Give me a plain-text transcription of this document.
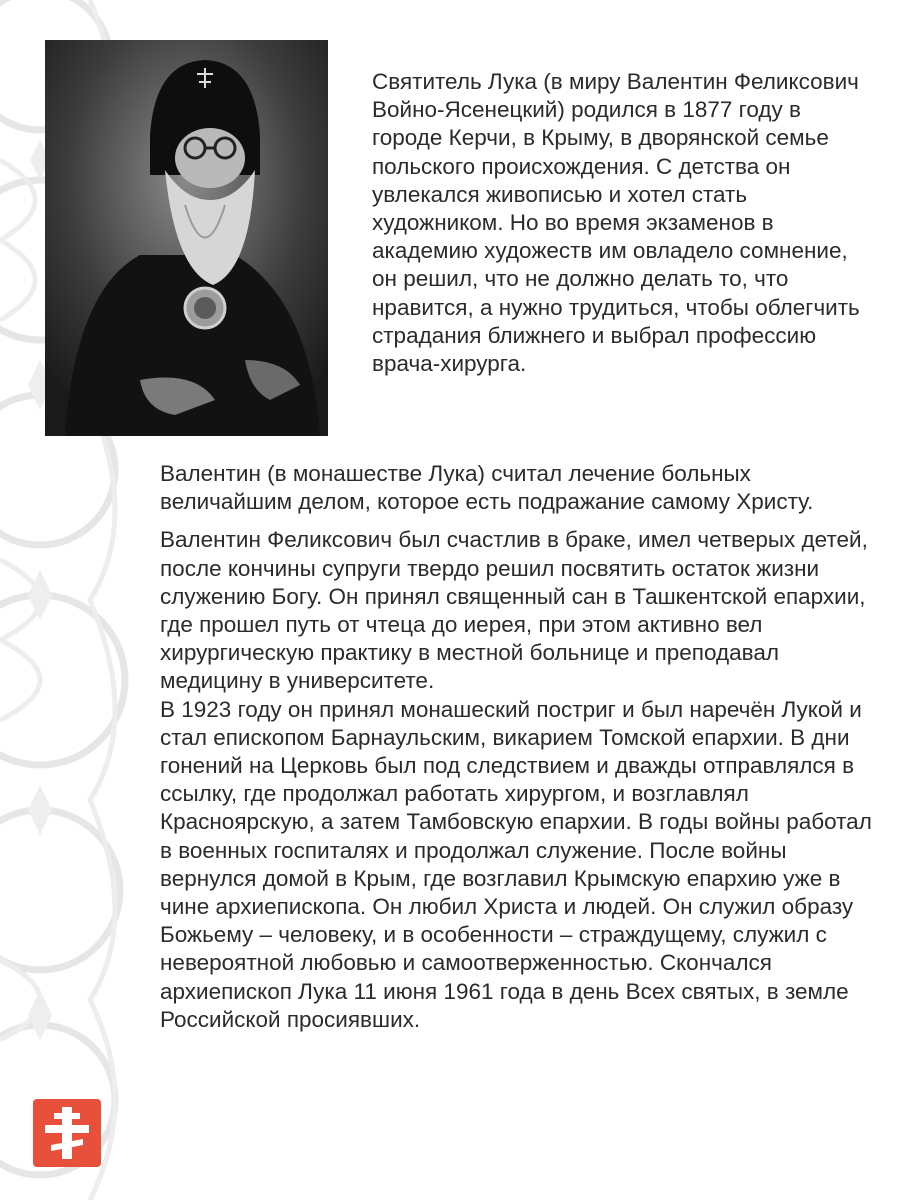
Святитель Лука (в миру Валентин Феликсович Войно-Ясенецкий) родился в 1877 году в городе Керчи, в Крыму, в дворянской семье польского происхождения. С детства он увлекался живописью и хотел стать художником. Но во время экзаменов в академию художеств им овладело сомнение, он решил, что не должно делать то, что нравится, а нужно трудиться, чтобы облегчить страдания ближнего и выбрал профессию врача-хирурга.

Валентин (в монашестве Лука) считал лечение больных величайшим делом, которое есть подражание самому Христу.

Валентин Феликсович был счастлив в браке, имел четверых детей, после кончины супруги твердо решил посвятить остаток жизни служению Богу. Он принял священный сан в Ташкентской епархии, где прошел путь от чтеца до иерея, при этом активно вел хирургическую практику в местной больнице и преподавал медицину в университете.

В 1923 году он принял монашеский постриг и был наречён Лукой и стал епископом Барнаульским, викарием Томской епархии. В дни гонений на Церковь был под следствием и дважды отправлялся в ссылку, где продолжал работать хирургом, и возглавлял Красноярскую, а затем Тамбовскую епархии. В годы войны работал в военных госпиталях и продолжал служение. После войны вернулся домой в Крым, где возглавил Крымскую епархию уже в чине архиепископа. Он любил Христа и людей. Он служил образу Божьему – человеку, и в особенности – страждущему, служил с невероятной любовью и самоотверженностью. Скончался архиепископ Лука 11 июня 1961 года в день Всех святых, в земле Российской просиявших.
